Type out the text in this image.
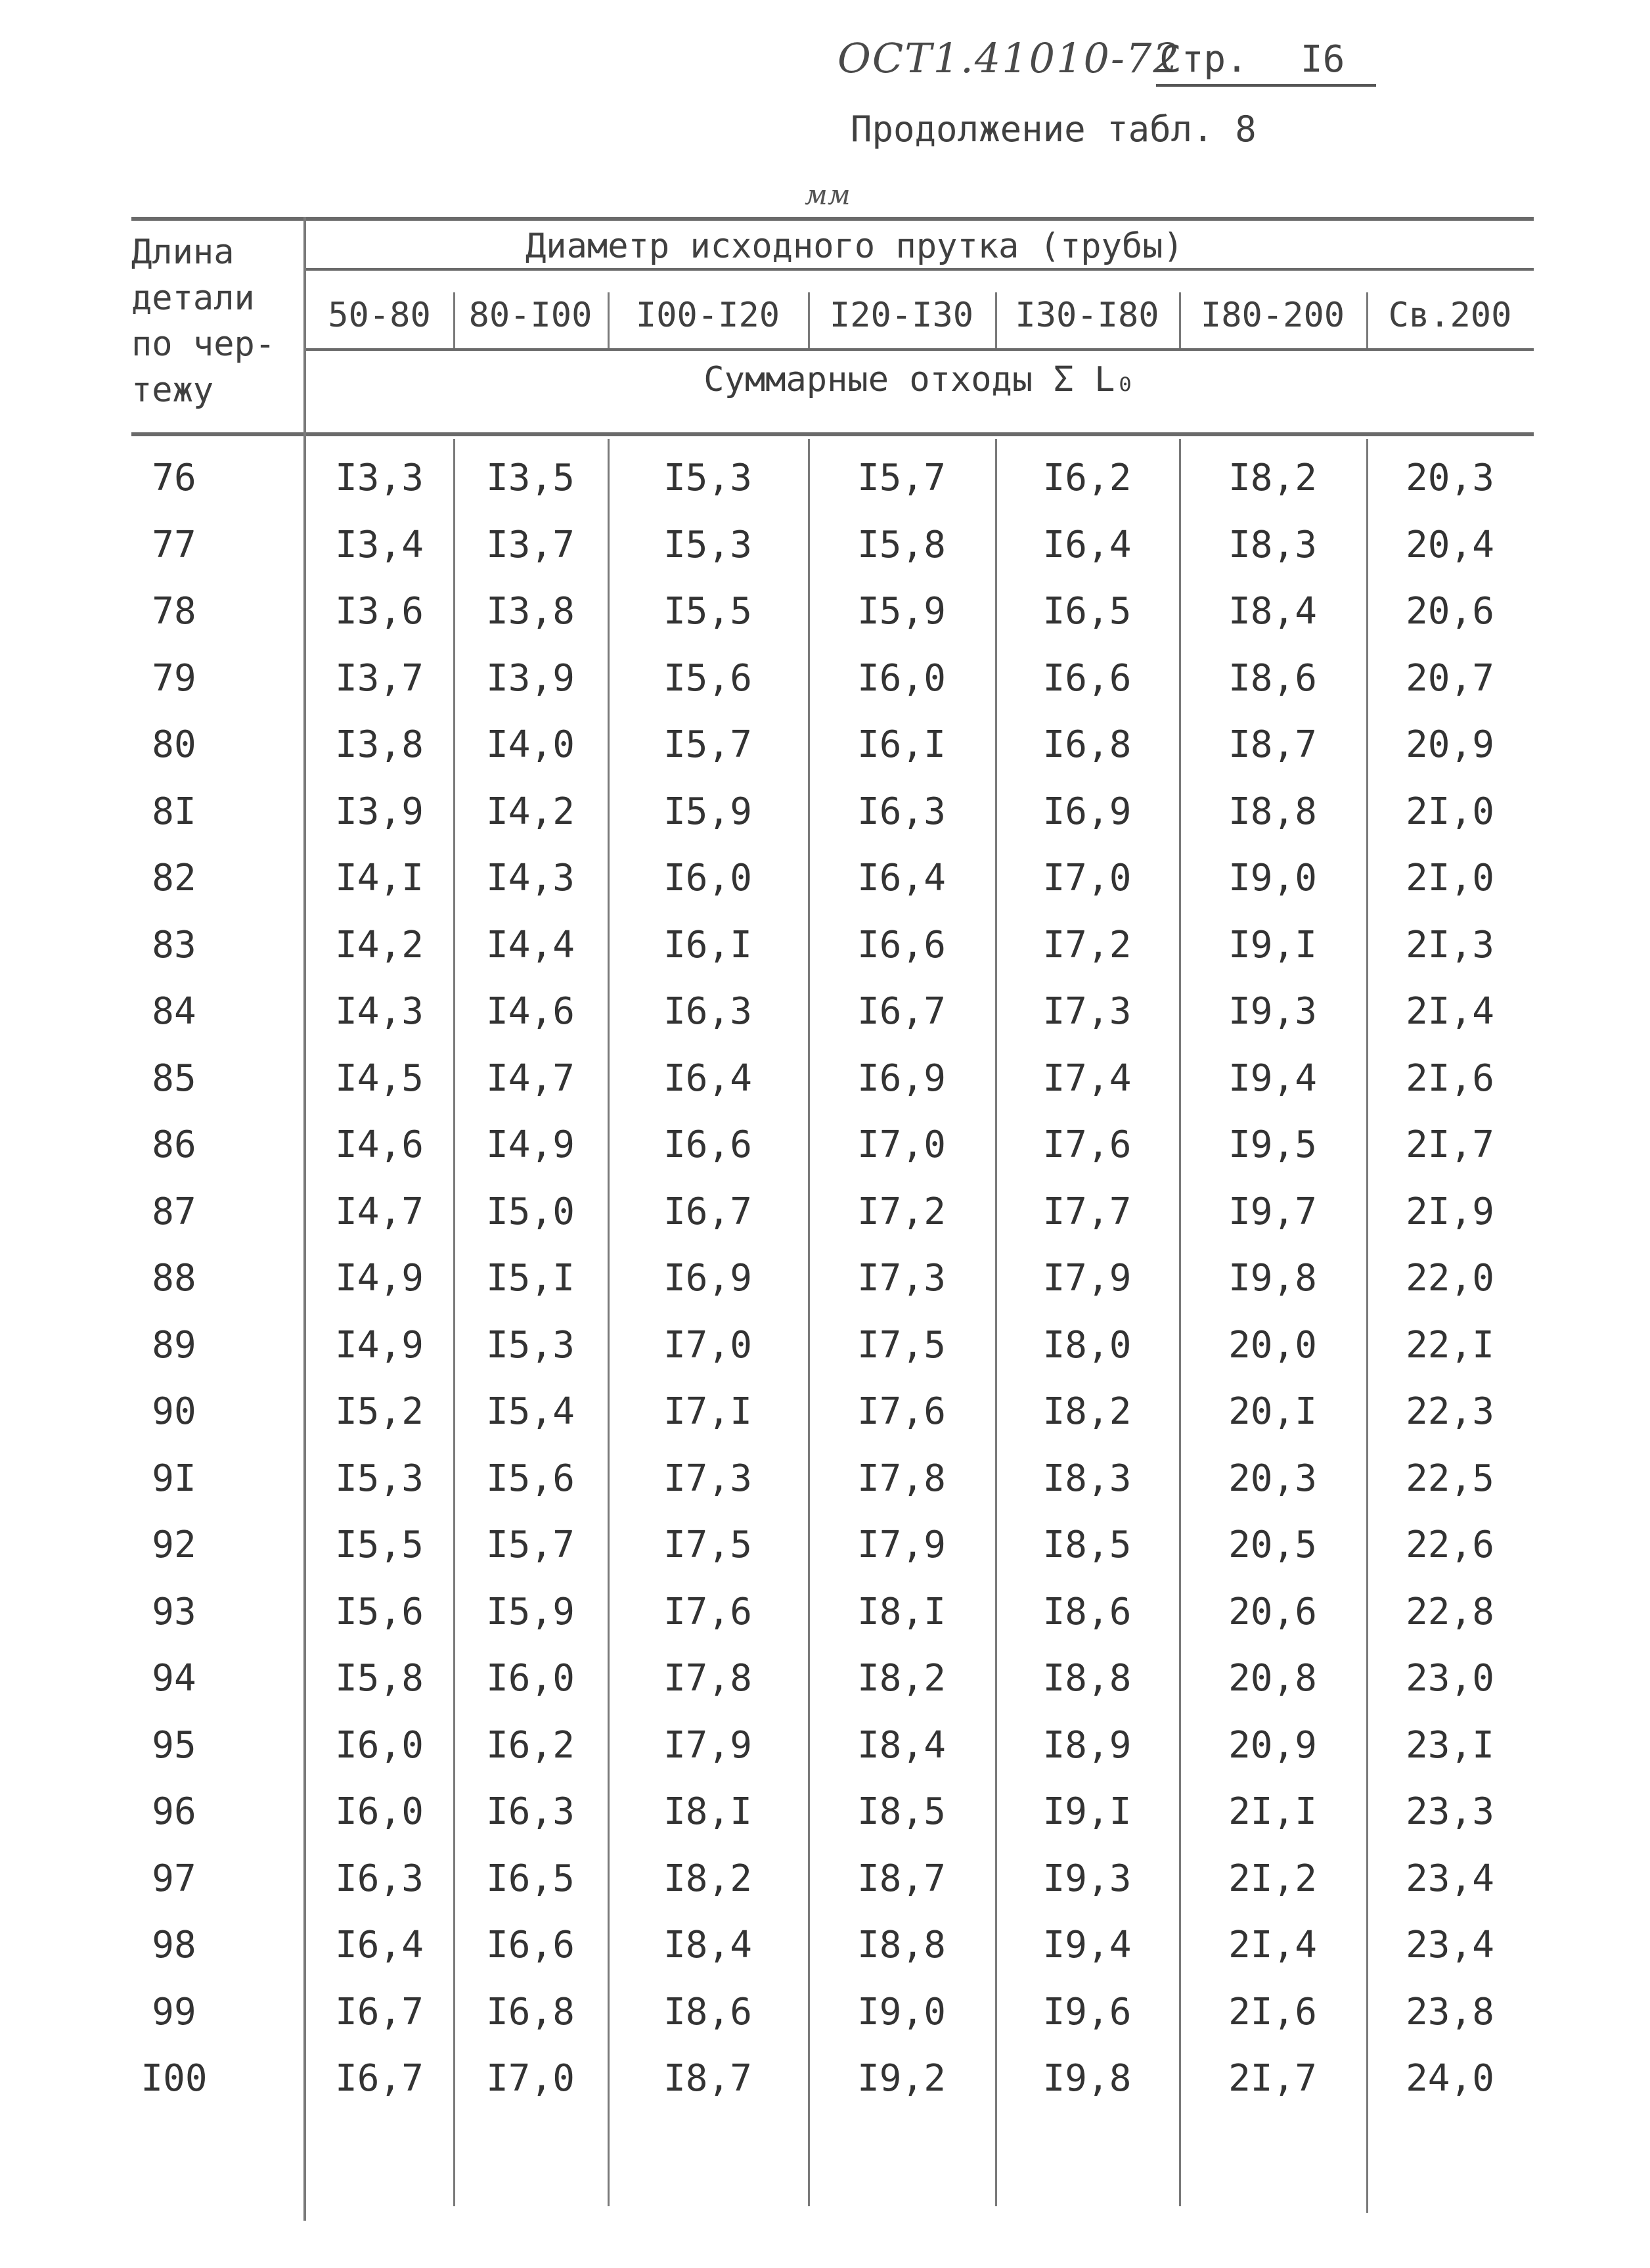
ОСТ1.41010-72
Стр. I6
Продолжение табл. 8
мм
Длина
детали
по чер-
тежу
Диаметр исходного прутка (трубы)
50-80	80-I00	I00-I20	I20-I30	I30-I80	I80-200	Св.200
Суммарные отходы Σ L₀
76	I3,3	I3,5	I5,3	I5,7	I6,2	I8,2	20,3
77	I3,4	I3,7	I5,3	I5,8	I6,4	I8,3	20,4
78	I3,6	I3,8	I5,5	I5,9	I6,5	I8,4	20,6
79	I3,7	I3,9	I5,6	I6,0	I6,6	I8,6	20,7
80	I3,8	I4,0	I5,7	I6,I	I6,8	I8,7	20,9
8I	I3,9	I4,2	I5,9	I6,3	I6,9	I8,8	2I,0
82	I4,I	I4,3	I6,0	I6,4	I7,0	I9,0	2I,0
83	I4,2	I4,4	I6,I	I6,6	I7,2	I9,I	2I,3
84	I4,3	I4,6	I6,3	I6,7	I7,3	I9,3	2I,4
85	I4,5	I4,7	I6,4	I6,9	I7,4	I9,4	2I,6
86	I4,6	I4,9	I6,6	I7,0	I7,6	I9,5	2I,7
87	I4,7	I5,0	I6,7	I7,2	I7,7	I9,7	2I,9
88	I4,9	I5,I	I6,9	I7,3	I7,9	I9,8	22,0
89	I4,9	I5,3	I7,0	I7,5	I8,0	20,0	22,I
90	I5,2	I5,4	I7,I	I7,6	I8,2	20,I	22,3
9I	I5,3	I5,6	I7,3	I7,8	I8,3	20,3	22,5
92	I5,5	I5,7	I7,5	I7,9	I8,5	20,5	22,6
93	I5,6	I5,9	I7,6	I8,I	I8,6	20,6	22,8
94	I5,8	I6,0	I7,8	I8,2	I8,8	20,8	23,0
95	I6,0	I6,2	I7,9	I8,4	I8,9	20,9	23,I
96	I6,0	I6,3	I8,I	I8,5	I9,I	2I,I	23,3
97	I6,3	I6,5	I8,2	I8,7	I9,3	2I,2	23,4
98	I6,4	I6,6	I8,4	I8,8	I9,4	2I,4	23,4
99	I6,7	I6,8	I8,6	I9,0	I9,6	2I,6	23,8
I00	I6,7	I7,0	I8,7	I9,2	I9,8	2I,7	24,0
